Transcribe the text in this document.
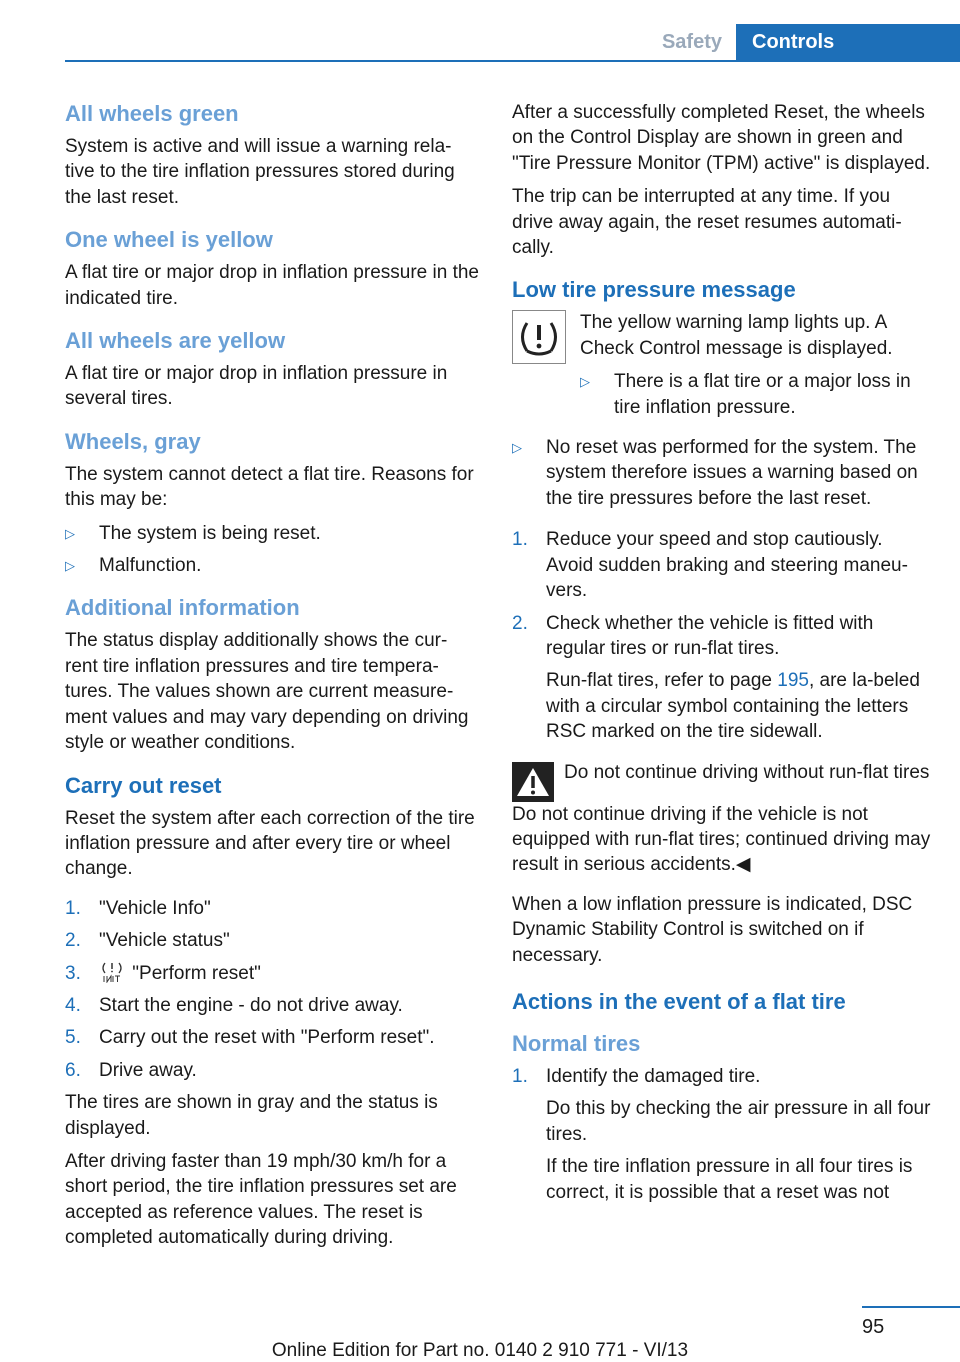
Safety	Controls
All wheels green

System is active and will issue a warning rela-tive to the tire inflation pressures stored during the last reset.

One wheel is yellow

A flat tire or major drop in inflation pressure in the indicated tire.

All wheels are yellow

A flat tire or major drop in inflation pressure in several tires.

Wheels, gray

The system cannot detect a flat tire. Reasons for this may be:

▷	The system is being reset.
▷	Malfunction.
Additional information

The status display additionally shows the cur-rent tire inflation pressures and tire tempera-tures. The values shown are current measure-ment values and may vary depending on driving style or weather conditions.

Carry out reset

Reset the system after each correction of the tire inflation pressure and after every tire or wheel change.

1. "Vehicle Info"
2. "Vehicle status"
3.	"Perform reset"
4. Start the engine - do not drive away.
5. Carry out the reset with "Perform reset".
6. Drive away.

The tires are shown in gray and the status is displayed.

After driving faster than 19 mph/30 km/h for a short period, the tire inflation pressures set are accepted as reference values. The reset is completed automatically during driving.

After a successfully completed Reset, the wheels on the Control Display are shown in green and "Tire Pressure Monitor (TPM) active" is displayed.

The trip can be interrupted at any time. If you drive away again, the reset resumes automati-cally.

Low tire pressure message

The yellow warning lamp lights up. A Check Control message is displayed.

▷	There is a flat tire or a major loss in tire inflation pressure.
▷	No reset was performed for the system. The system therefore issues a warning based on the tire pressures before the last reset.
1. Reduce your speed and stop cautiously. Avoid sudden braking and steering maneu-vers.
2. Check whether the vehicle is fitted with regular tires or run-flat tires.

Run-flat tires, refer to page 195, are la-beled with a circular symbol containing the letters RSC marked on the tire sidewall.

Do not continue driving without run-flat tires

Do not continue driving if the vehicle is not equipped with run-flat tires; continued driving may result in serious accidents.◀

When a low inflation pressure is indicated, DSC Dynamic Stability Control is switched on if necessary.

Actions in the event of a flat tire
Normal tires
1. Identify the damaged tire.

Do this by checking the air pressure in all four tires.

If the tire inflation pressure in all four tires is correct, it is possible that a reset was not

95
Online Edition for Part no. 0140 2 910 771 - VI/13
